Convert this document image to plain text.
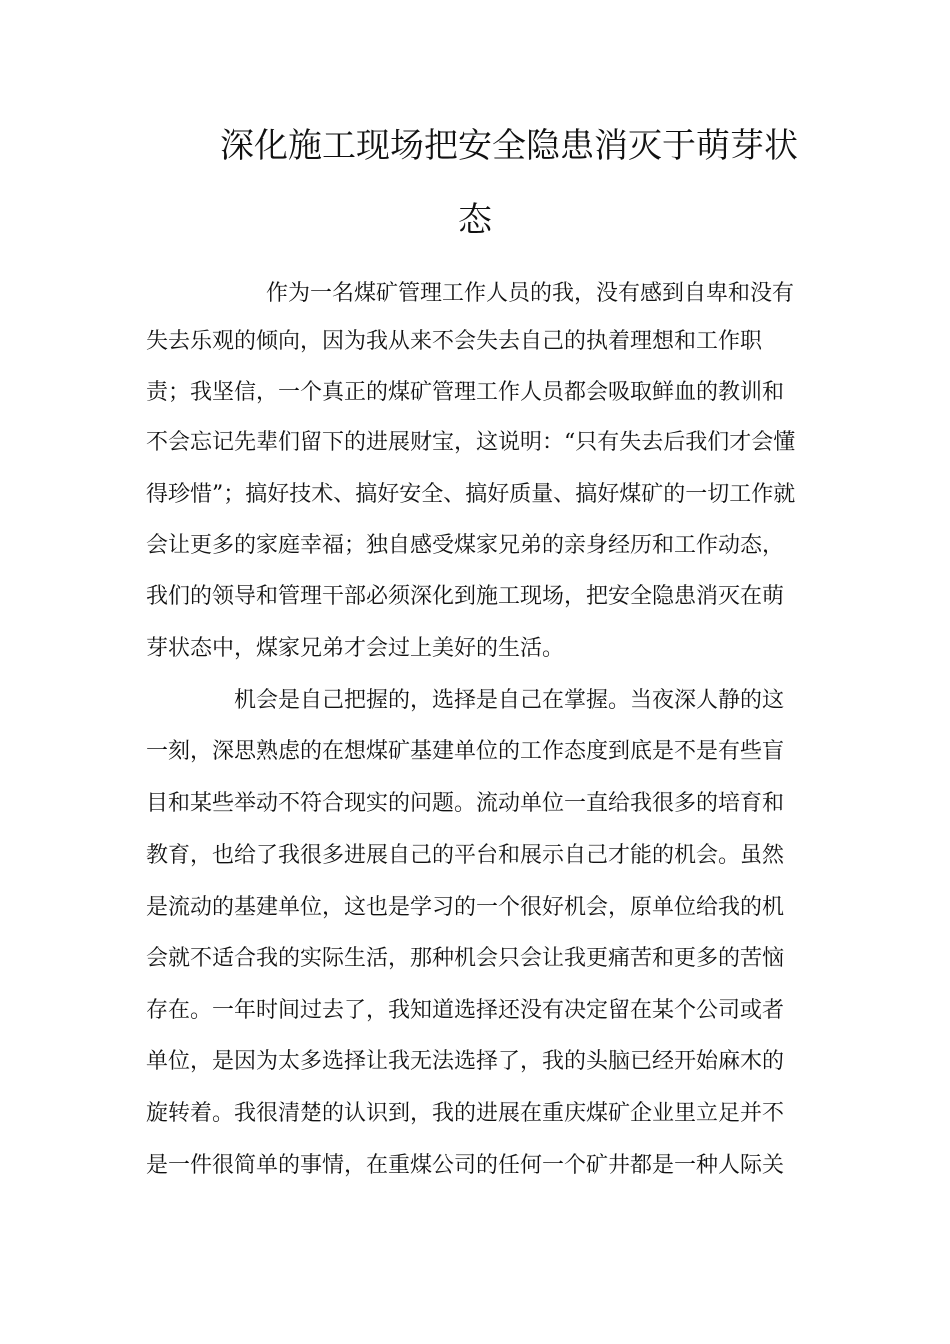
深化施工现场把安全隐患消灭于萌芽状
态
作为一名煤矿管理工作人员的我，没有感到自卑和没有
失去乐观的倾向，因为我从来不会失去自己的执着理想和工作职
责；我坚信，一个真正的煤矿管理工作人员都会吸取鲜血的教训和
不会忘记先辈们留下的进展财宝，这说明：“只有失去后我们才会懂
得珍惜”；搞好技术、搞好安全、搞好质量、搞好煤矿的一切工作就
会让更多的家庭幸福；独自感受煤家兄弟的亲身经历和工作动态，
我们的领导和管理干部必须深化到施工现场，把安全隐患消灭在萌
芽状态中，煤家兄弟才会过上美好的生活。
机会是自己把握的，选择是自己在掌握。当夜深人静的这
一刻，深思熟虑的在想煤矿基建单位的工作态度到底是不是有些盲
目和某些举动不符合现实的问题。流动单位一直给我很多的培育和
教育，也给了我很多进展自己的平台和展示自己才能的机会。虽然
是流动的基建单位，这也是学习的一个很好机会，原单位给我的机
会就不适合我的实际生活，那种机会只会让我更痛苦和更多的苦恼
存在。一年时间过去了，我知道选择还没有决定留在某个公司或者
单位，是因为太多选择让我无法选择了，我的头脑已经开始麻木的
旋转着。我很清楚的认识到，我的进展在重庆煤矿企业里立足并不
是一件很简单的事情，在重煤公司的任何一个矿井都是一种人际关
